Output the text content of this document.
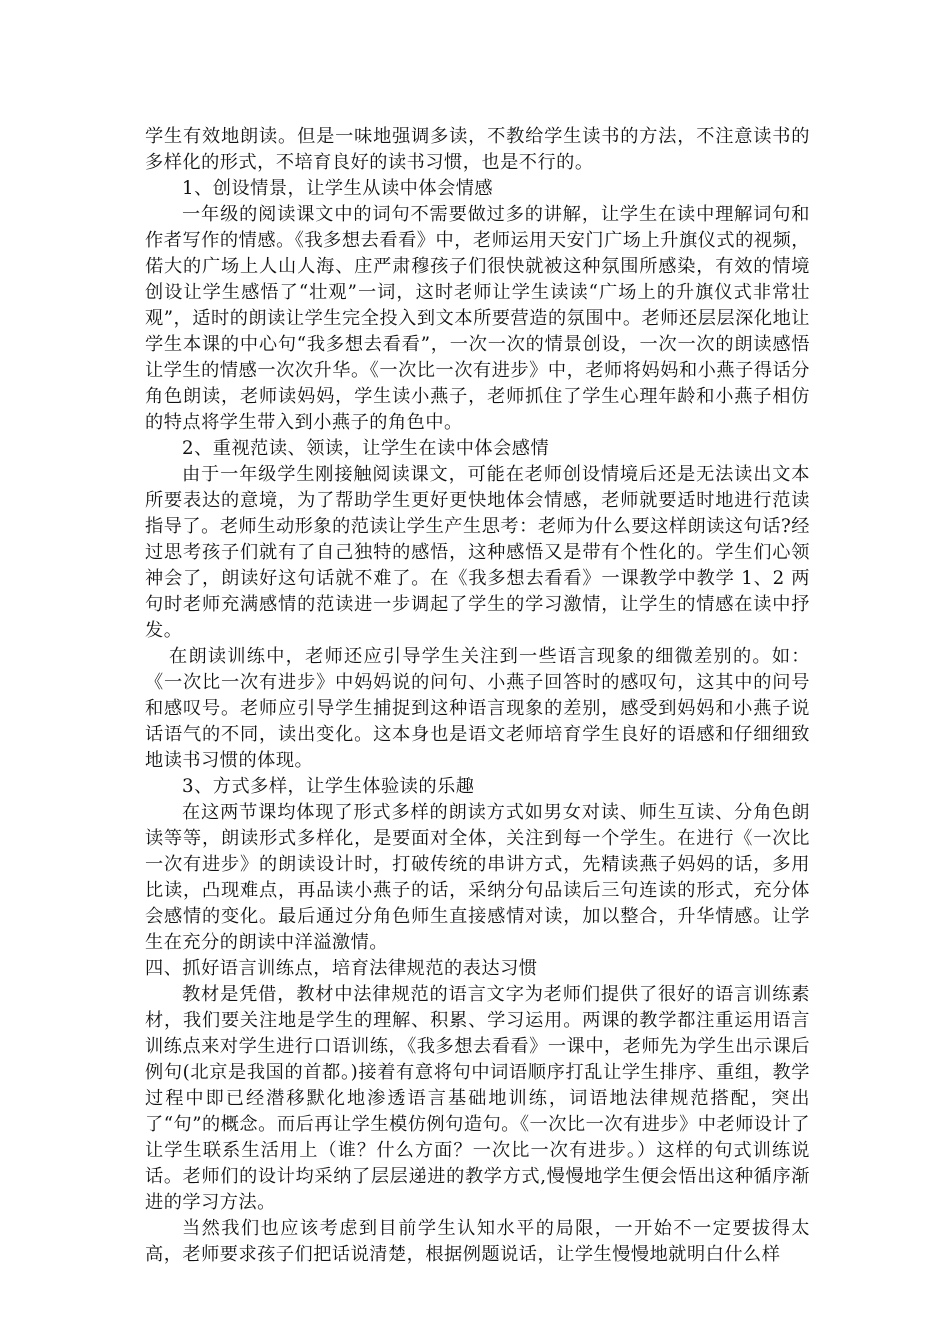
学生有效地朗读。但是一味地强调多读，不教给学生读书的方法，不注意读书的多样化的形式，不培育良好的读书习惯，也是不行的。

1、创设情景，让学生从读中体会情感

一年级的阅读课文中的词句不需要做过多的讲解，让学生在读中理解词句和作者写作的情感。《我多想去看看》中，老师运用天安门广场上升旗仪式的视频，偌大的广场上人山人海、庄严肃穆孩子们很快就被这种氛围所感染，有效的情境创设让学生感悟了“壮观”一词，这时老师让学生读读“广场上的升旗仪式非常壮观”，适时的朗读让学生完全投入到文本所要营造的氛围中。老师还层层深化地让学生本课的中心句“我多想去看看”，一次一次的情景创设，一次一次的朗读感悟让学生的情感一次次升华。《一次比一次有进步》中，老师将妈妈和小燕子得话分角色朗读，老师读妈妈，学生读小燕子，老师抓住了学生心理年龄和小燕子相仿的特点将学生带入到小燕子的角色中。

2、重视范读、领读，让学生在读中体会感情

由于一年级学生刚接触阅读课文，可能在老师创设情境后还是无法读出文本所要表达的意境，为了帮助学生更好更快地体会情感，老师就要适时地进行范读指导了。老师生动形象的范读让学生产生思考：老师为什么要这样朗读这句话?经过思考孩子们就有了自己独特的感悟，这种感悟又是带有个性化的。学生们心领神会了，朗读好这句话就不难了。在《我多想去看看》一课教学中教学 1、2 两句时老师充满感情的范读进一步调起了学生的学习激情，让学生的情感在读中抒发。

在朗读训练中，老师还应引导学生关注到一些语言现象的细微差别的。如：《一次比一次有进步》中妈妈说的问句、小燕子回答时的感叹句，这其中的问号和感叹号。老师应引导学生捕捉到这种语言现象的差别，感受到妈妈和小燕子说话语气的不同，读出变化。这本身也是语文老师培育学生良好的语感和仔细细致地读书习惯的体现。

3、方式多样，让学生体验读的乐趣

在这两节课均体现了形式多样的朗读方式如男女对读、师生互读、分角色朗读等等，朗读形式多样化，是要面对全体，关注到每一个学生。在进行《一次比一次有进步》的朗读设计时，打破传统的串讲方式，先精读燕子妈妈的话，多用比读，凸现难点，再品读小燕子的话，采纳分句品读后三句连读的形式，充分体会感情的变化。最后通过分角色师生直接感情对读，加以整合，升华情感。让学生在充分的朗读中洋溢激情。

四、抓好语言训练点，培育法律规范的表达习惯

教材是凭借，教材中法律规范的语言文字为老师们提供了很好的语言训练素材，我们要关注地是学生的理解、积累、学习运用。两课的教学都注重运用语言训练点来对学生进行口语训练，《我多想去看看》一课中，老师先为学生出示课后例句(北京是我国的首都。)接着有意将句中词语顺序打乱让学生排序、重组，教学过程中即已经潜移默化地渗透语言基础地训练，词语地法律规范搭配，突出了“句”的概念。而后再让学生模仿例句造句。《一次比一次有进步》中老师设计了让学生联系生活用上（谁？什么方面？一次比一次有进步。）这样的句式训练说话。老师们的设计均采纳了层层递进的教学方式,慢慢地学生便会悟出这种循序渐进的学习方法。

当然我们也应该考虑到目前学生认知水平的局限，一开始不一定要拔得太高，老师要求孩子们把话说清楚，根据例题说话，让学生慢慢地就明白什么样
